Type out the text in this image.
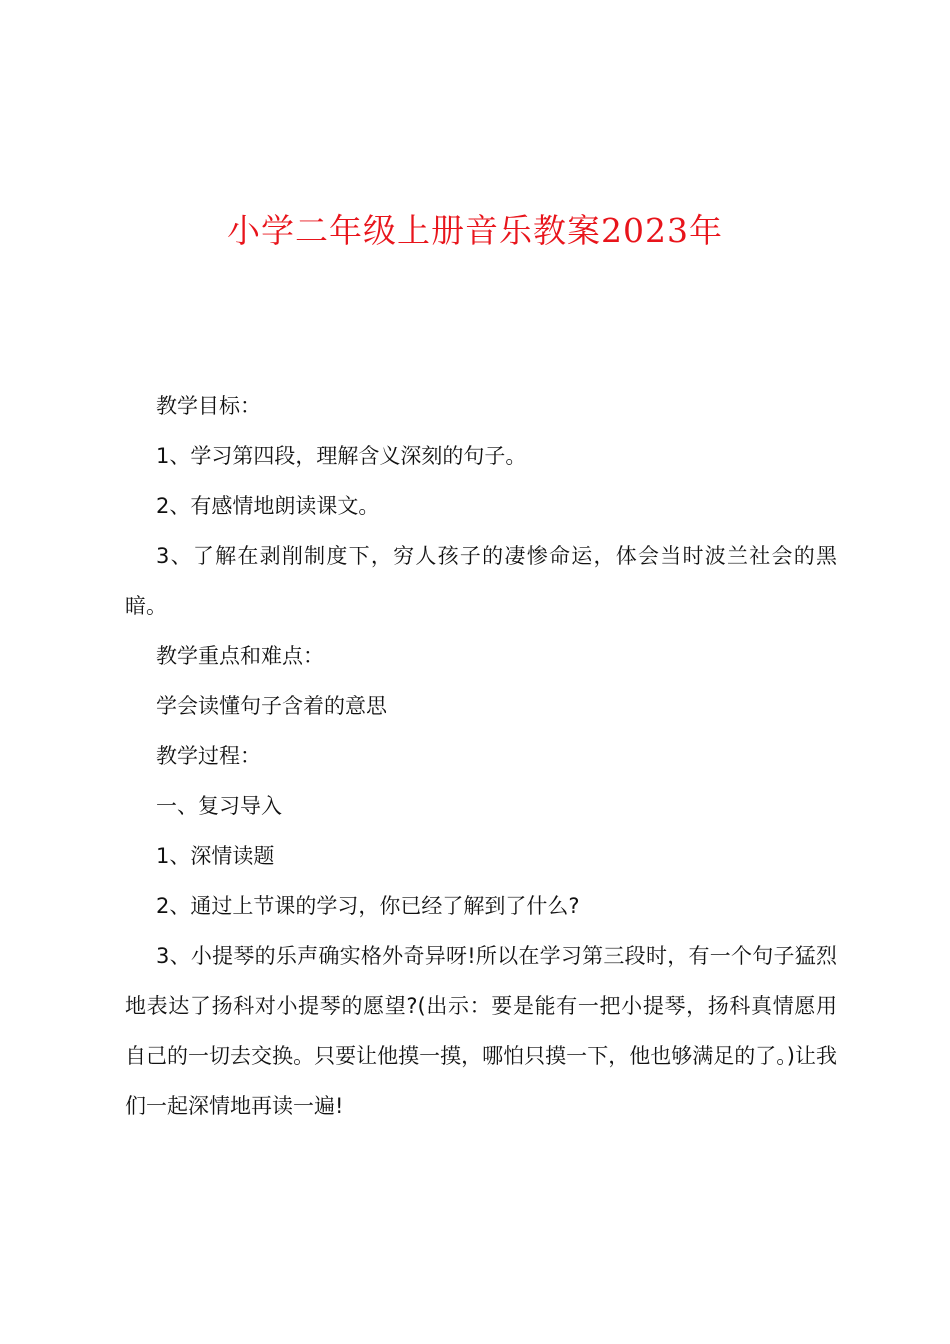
小学二年级上册音乐教案2023年

教学目标：

1、学习第四段，理解含义深刻的句子。

2、有感情地朗读课文。

3、了解在剥削制度下，穷人孩子的凄惨命运，体会当时波兰社会的黑暗。

教学重点和难点：

学会读懂句子含着的意思

教学过程：

一、复习导入

1、深情读题

2、通过上节课的学习，你已经了解到了什么?

3、小提琴的乐声确实格外奇异呀!所以在学习第三段时，有一个句子猛烈地表达了扬科对小提琴的愿望?(出示：要是能有一把小提琴，扬科真情愿用自己的一切去交换。只要让他摸一摸，哪怕只摸一下，他也够满足的了。)让我们一起深情地再读一遍!
